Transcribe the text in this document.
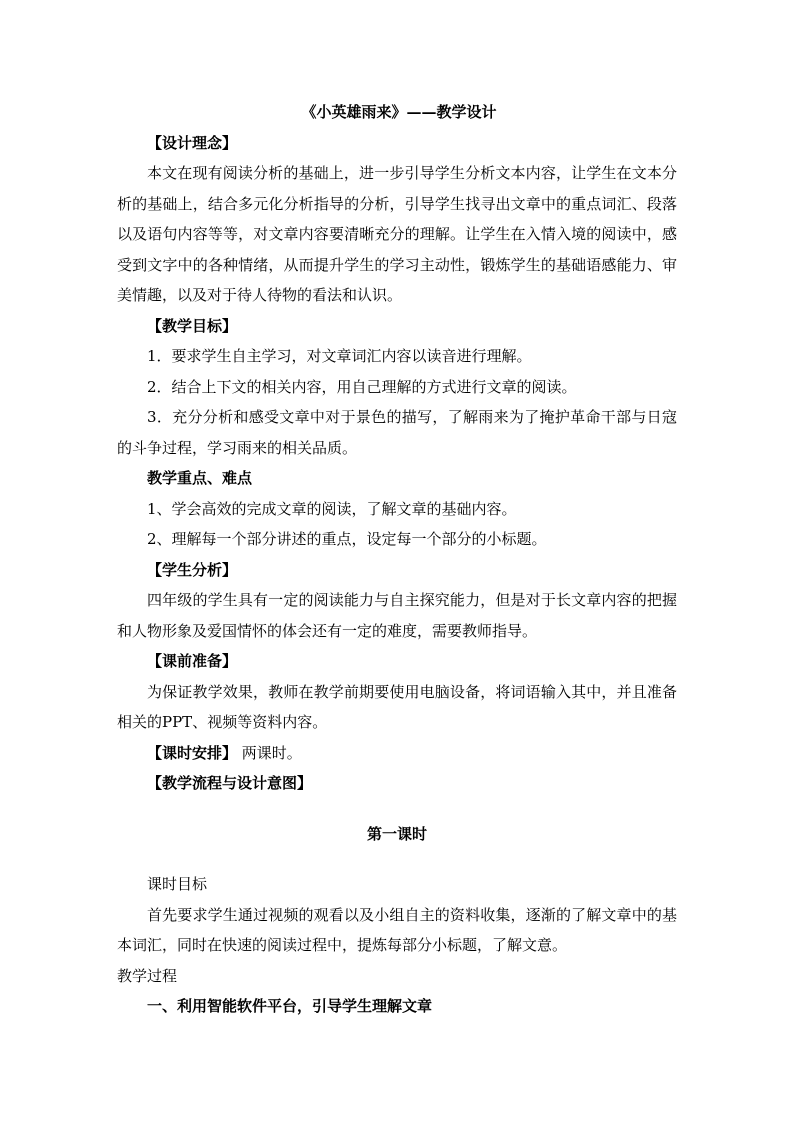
《小英雄雨来》——教学设计

【设计理念】

本文在现有阅读分析的基础上，进一步引导学生分析文本内容，让学生在文本分析的基础上，结合多元化分析指导的分析，引导学生找寻出文章中的重点词汇、段落以及语句内容等等，对文章内容要清晰充分的理解。让学生在入情入境的阅读中，感受到文字中的各种情绪，从而提升学生的学习主动性，锻炼学生的基础语感能力、审美情趣，以及对于待人待物的看法和认识。

【教学目标】

1．要求学生自主学习，对文章词汇内容以读音进行理解。

2．结合上下文的相关内容，用自己理解的方式进行文章的阅读。

3．充分分析和感受文章中对于景色的描写，了解雨来为了掩护革命干部与日寇的斗争过程，学习雨来的相关品质。

教学重点、难点

1、学会高效的完成文章的阅读，了解文章的基础内容。

2、理解每一个部分讲述的重点，设定每一个部分的小标题。

【学生分析】

四年级的学生具有一定的阅读能力与自主探究能力，但是对于长文章内容的把握和人物形象及爱国情怀的体会还有一定的难度，需要教师指导。

【课前准备】

为保证教学效果，教师在教学前期要使用电脑设备，将词语输入其中，并且准备相关的PPT、视频等资料内容。

【课时安排】 两课时。

【教学流程与设计意图】

第一课时

课时目标

首先要求学生通过视频的观看以及小组自主的资料收集，逐渐的了解文章中的基本词汇，同时在快速的阅读过程中，提炼每部分小标题，了解文意。

教学过程

一、利用智能软件平台，引导学生理解文章
